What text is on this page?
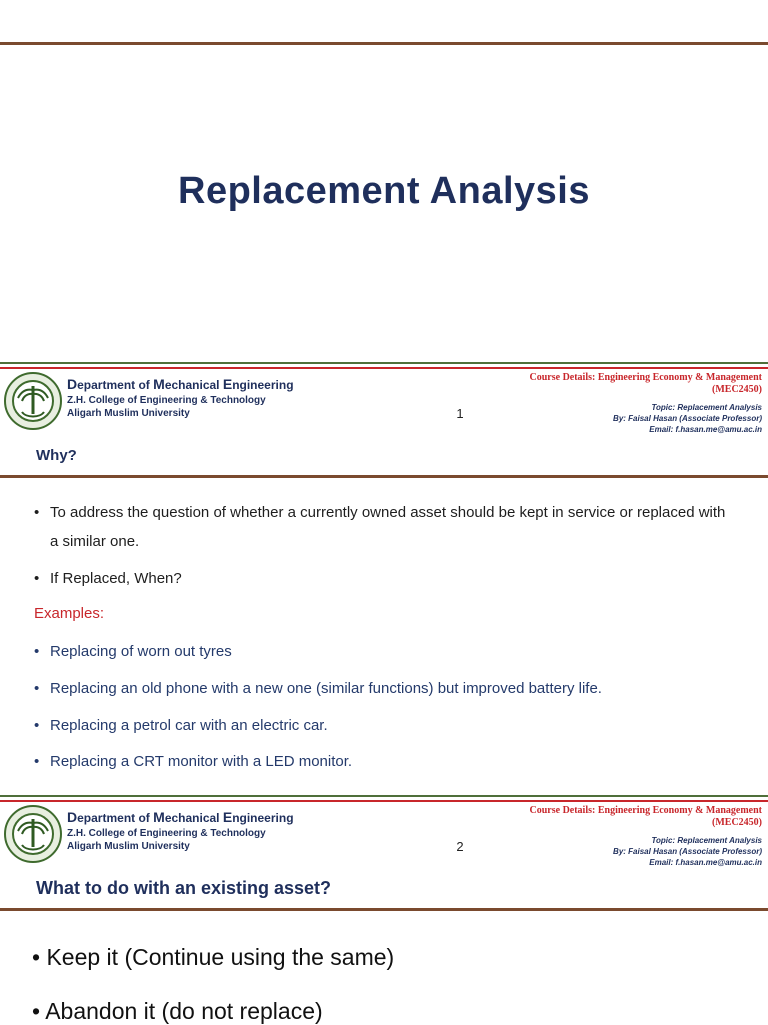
Replacement Analysis
Department of Mechanical Engineering
Z.H. College of Engineering & Technology
Aligarh Muslim University	1
Course Details: Engineering Economy & Management
(MEC2450)
Topic: Replacement Analysis
By: Faisal Hasan (Associate Professor)
Email: f.hasan.me@amu.ac.in
Why?
• To address the question of whether a currently owned asset should be kept in service or replaced with a similar one.
• If Replaced, When?
Examples:
• Replacing of worn out tyres
• Replacing an old phone with a new one (similar functions) but improved battery life.
• Replacing a petrol car with an electric car.
• Replacing a CRT monitor with a LED monitor.
Department of Mechanical Engineering
Z.H. College of Engineering & Technology
Aligarh Muslim University	2
Course Details: Engineering Economy & Management
(MEC2450)
Topic: Replacement Analysis
By: Faisal Hasan (Associate Professor)
Email: f.hasan.me@amu.ac.in
What to do with an existing asset?
• Keep it (Continue using the same)
• Abandon it (do not replace)
